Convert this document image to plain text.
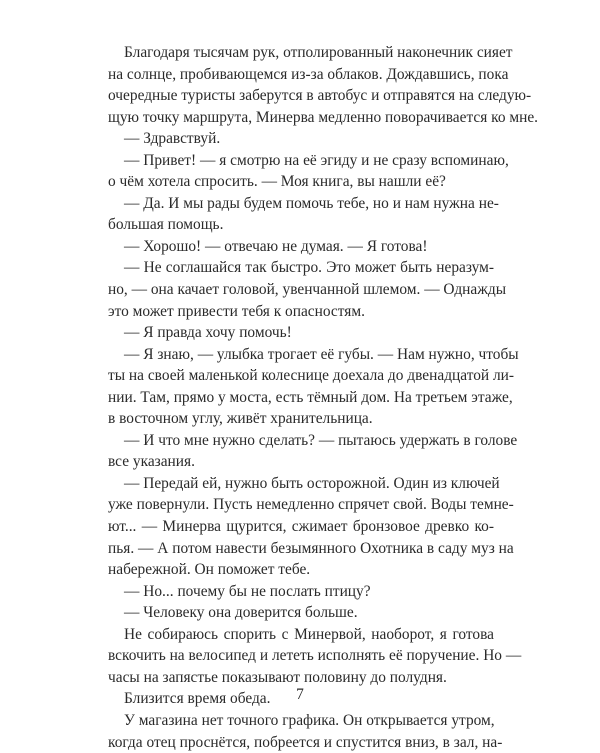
Благодаря тысячам рук, отполированный наконечник сияет

на солнце, пробивающемся из-за облаков. Дождавшись, пока

очередные туристы заберутся в автобус и отправятся на следую-

щую точку маршрута, Минерва медленно поворачивается ко мне.

— Здравствуй.

— Привет! — я смотрю на её эгиду и не сразу вспоминаю,

о чём хотела спросить. — Моя книга, вы нашли её?

— Да. И мы рады будем помочь тебе, но и нам нужна не-

большая помощь.

— Хорошо! — отвечаю не думая. — Я готова!

— Не соглашайся так быстро. Это может быть неразум-

но, — она качает головой, увенчанной шлемом. — Однажды

это может привести тебя к опасностям.

— Я правда хочу помочь!

— Я знаю, — улыбка трогает её губы. — Нам нужно, чтобы

ты на своей маленькой колеснице доехала до двенадцатой ли-

нии. Там, прямо у моста, есть тёмный дом. На третьем этаже,

в восточном углу, живёт хранительница.

— И что мне нужно сделать? — пытаюсь удержать в голове

все указания.

— Передай ей, нужно быть осторожной. Один из ключей

уже повернули. Пусть немедленно спрячет свой. Воды темне-

ют... — Минерва щурится, сжимает бронзовое древко ко-

пья. — А потом навести безымянного Охотника в саду муз на

набережной. Он поможет тебе.

— Но... почему бы не послать птицу?

— Человеку она доверится больше.

Не собираюсь спорить с Минервой, наоборот, я готова

вскочить на велосипед и лететь исполнять её поручение. Но —

часы на запястье показывают половину до полудня.

Близится время обеда.

У магазина нет точного графика. Он открывается утром,

когда отец проснётся, побреется и спустится вниз, в зал, на-

7
